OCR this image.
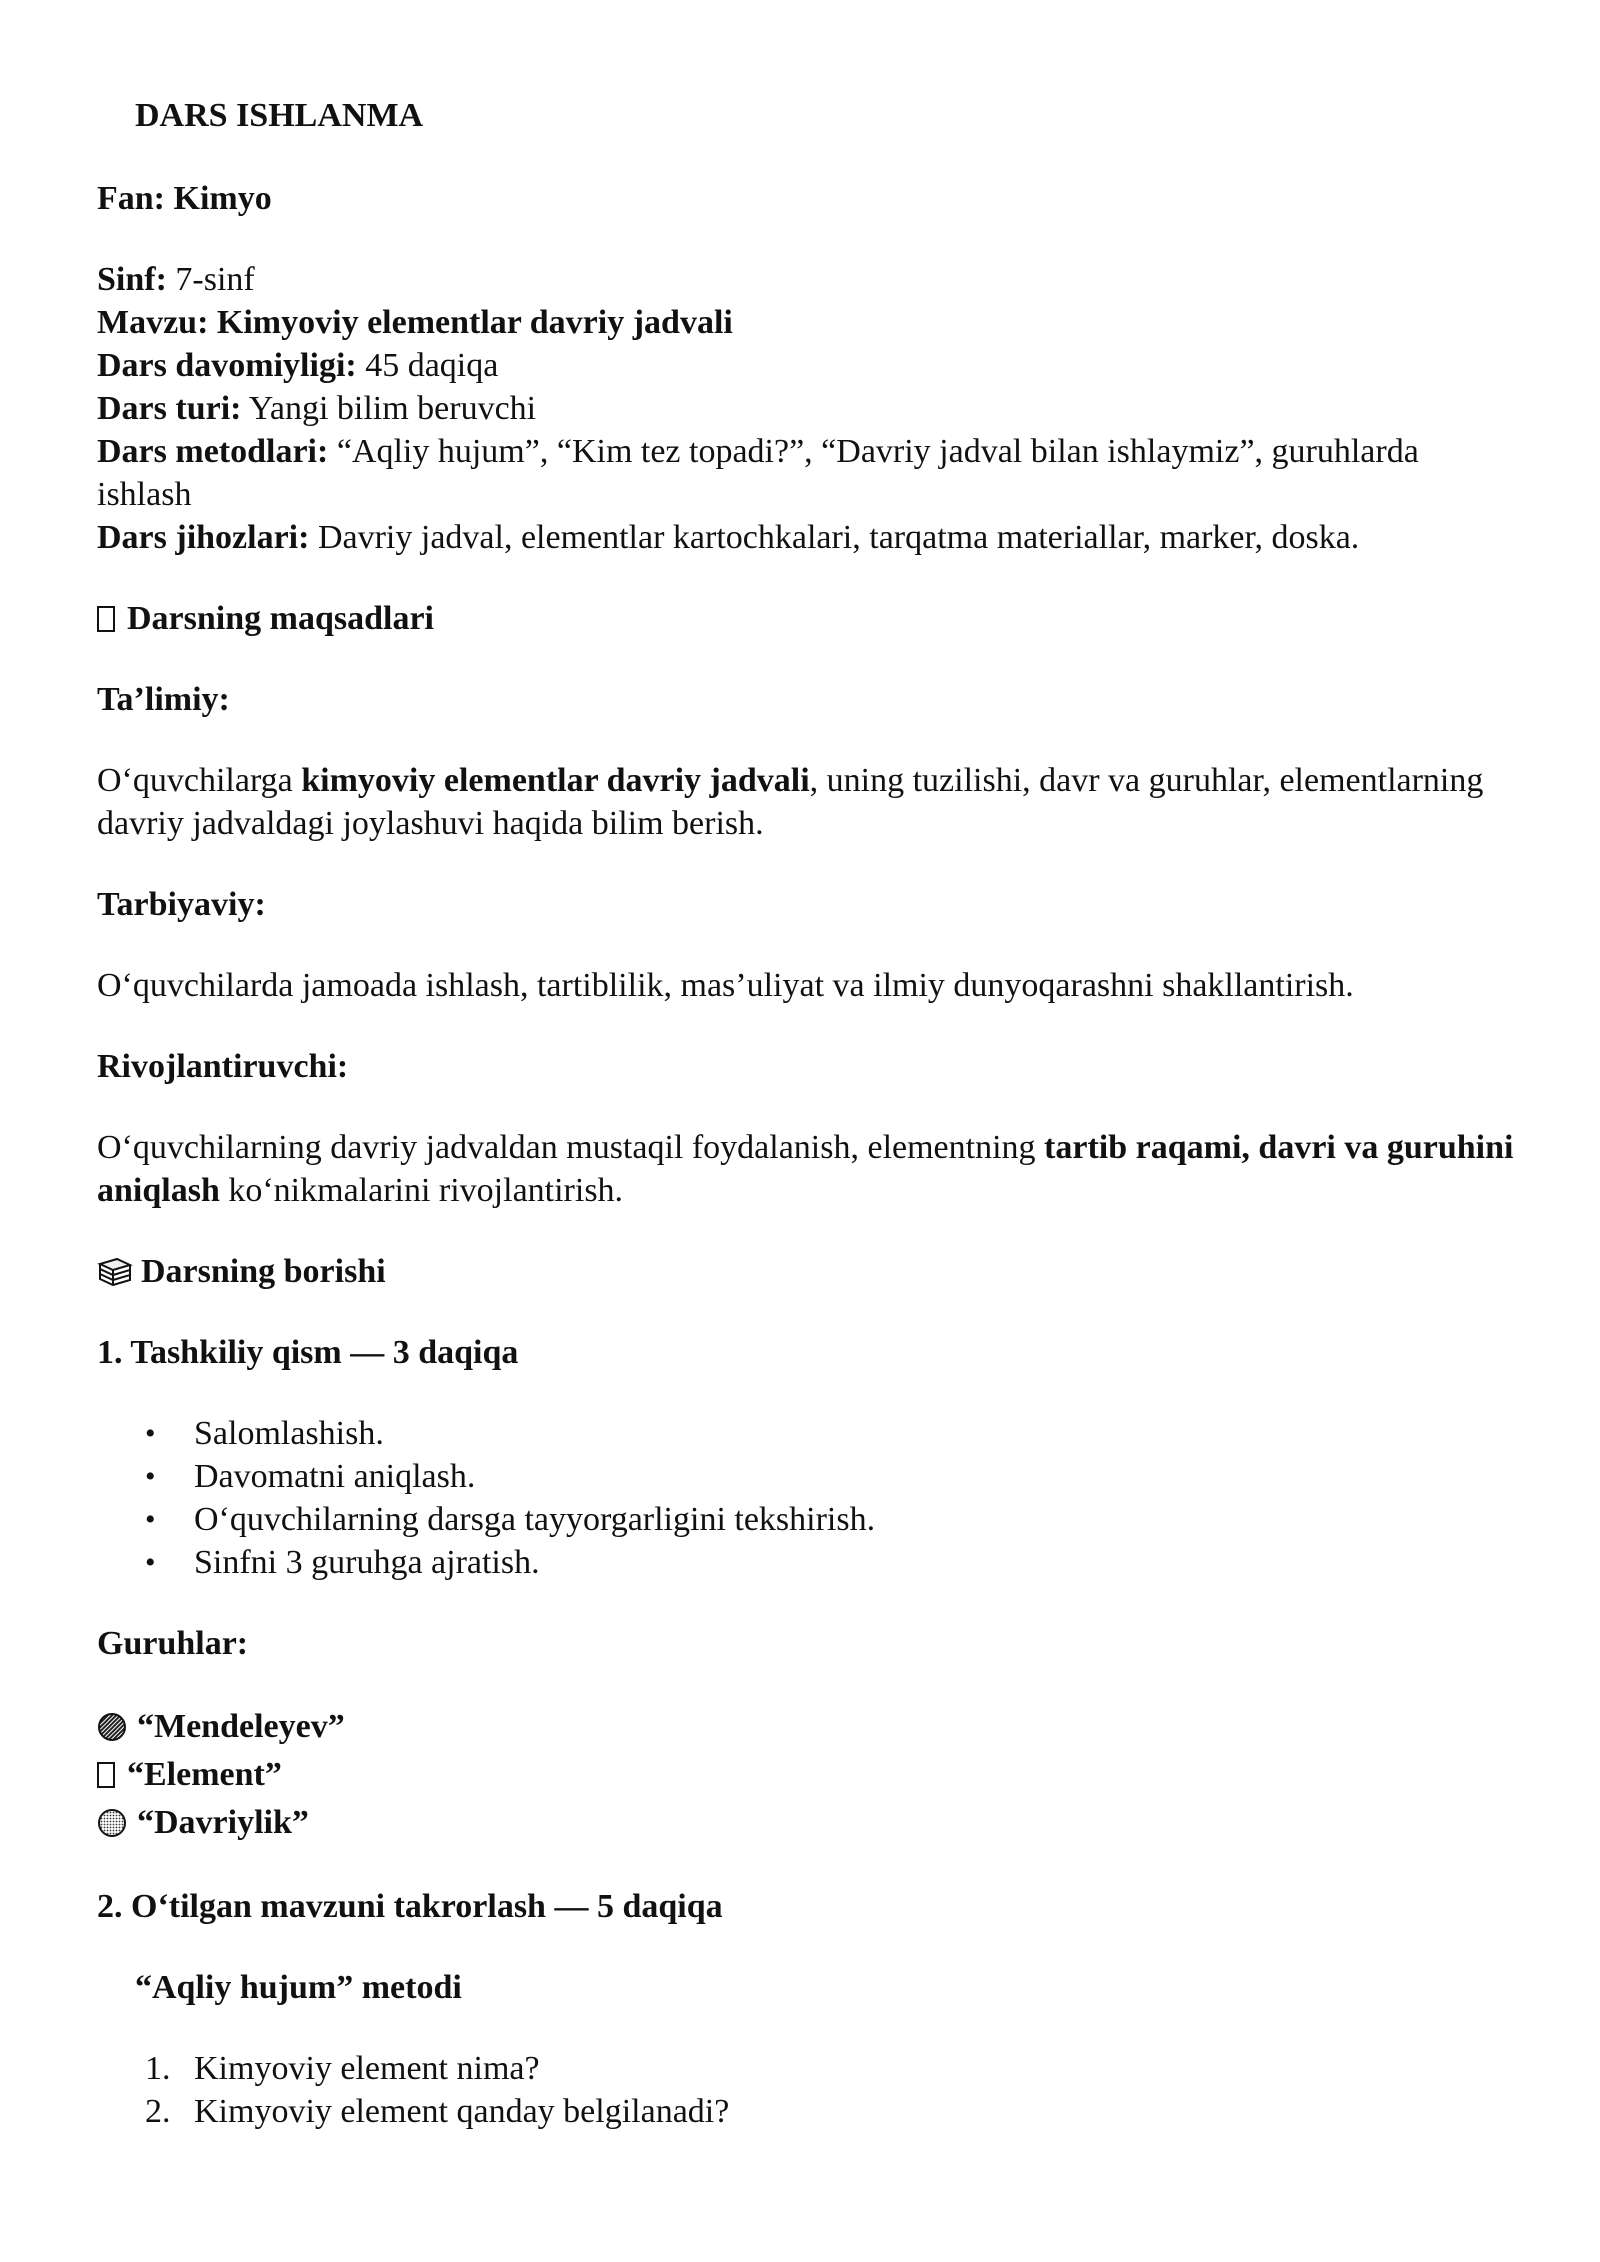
DARS ISHLANMA

Fan: Kimyo

Sinf: 7-sinf

Mavzu: Kimyoviy elementlar davriy jadvali

Dars davomiyligi: 45 daqiqa

Dars turi: Yangi bilim beruvchi

Dars metodlari: “Aqliy hujum”, “Kim tez topadi?”, “Davriy jadval bilan ishlaymiz”, guruhlarda ishlash

Dars jihozlari: Davriy jadval, elementlar kartochkalari, tarqatma materiallar, marker, doska.

Darsning maqsadlari

Ta’limiy:

O‘quvchilarga kimyoviy elementlar davriy jadvali, uning tuzilishi, davr va guruhlar, elementlarning davriy jadvaldagi joylashuvi haqida bilim berish.

Tarbiyaviy:

O‘quvchilarda jamoada ishlash, tartiblilik, mas’uliyat va ilmiy dunyoqarashni shakllantirish.

Rivojlantiruvchi:

O‘quvchilarning davriy jadvaldan mustaqil foydalanish, elementning tartib raqami, davri va guruhini aniqlash ko‘nikmalarini rivojlantirish.

Darsning borishi

1. Tashkiliy qism — 3 daqiqa

• Salomlashish.
• Davomatni aniqlash.
• O‘quvchilarning darsga tayyorgarligini tekshirish.
• Sinfni 3 guruhga ajratish.

Guruhlar:

“Mendeleyev”

“Element”

“Davriylik”

2. O‘tilgan mavzuni takrorlash — 5 daqiqa

“Aqliy hujum” metodi

1. Kimyoviy element nima?
2. Kimyoviy element qanday belgilanadi?
